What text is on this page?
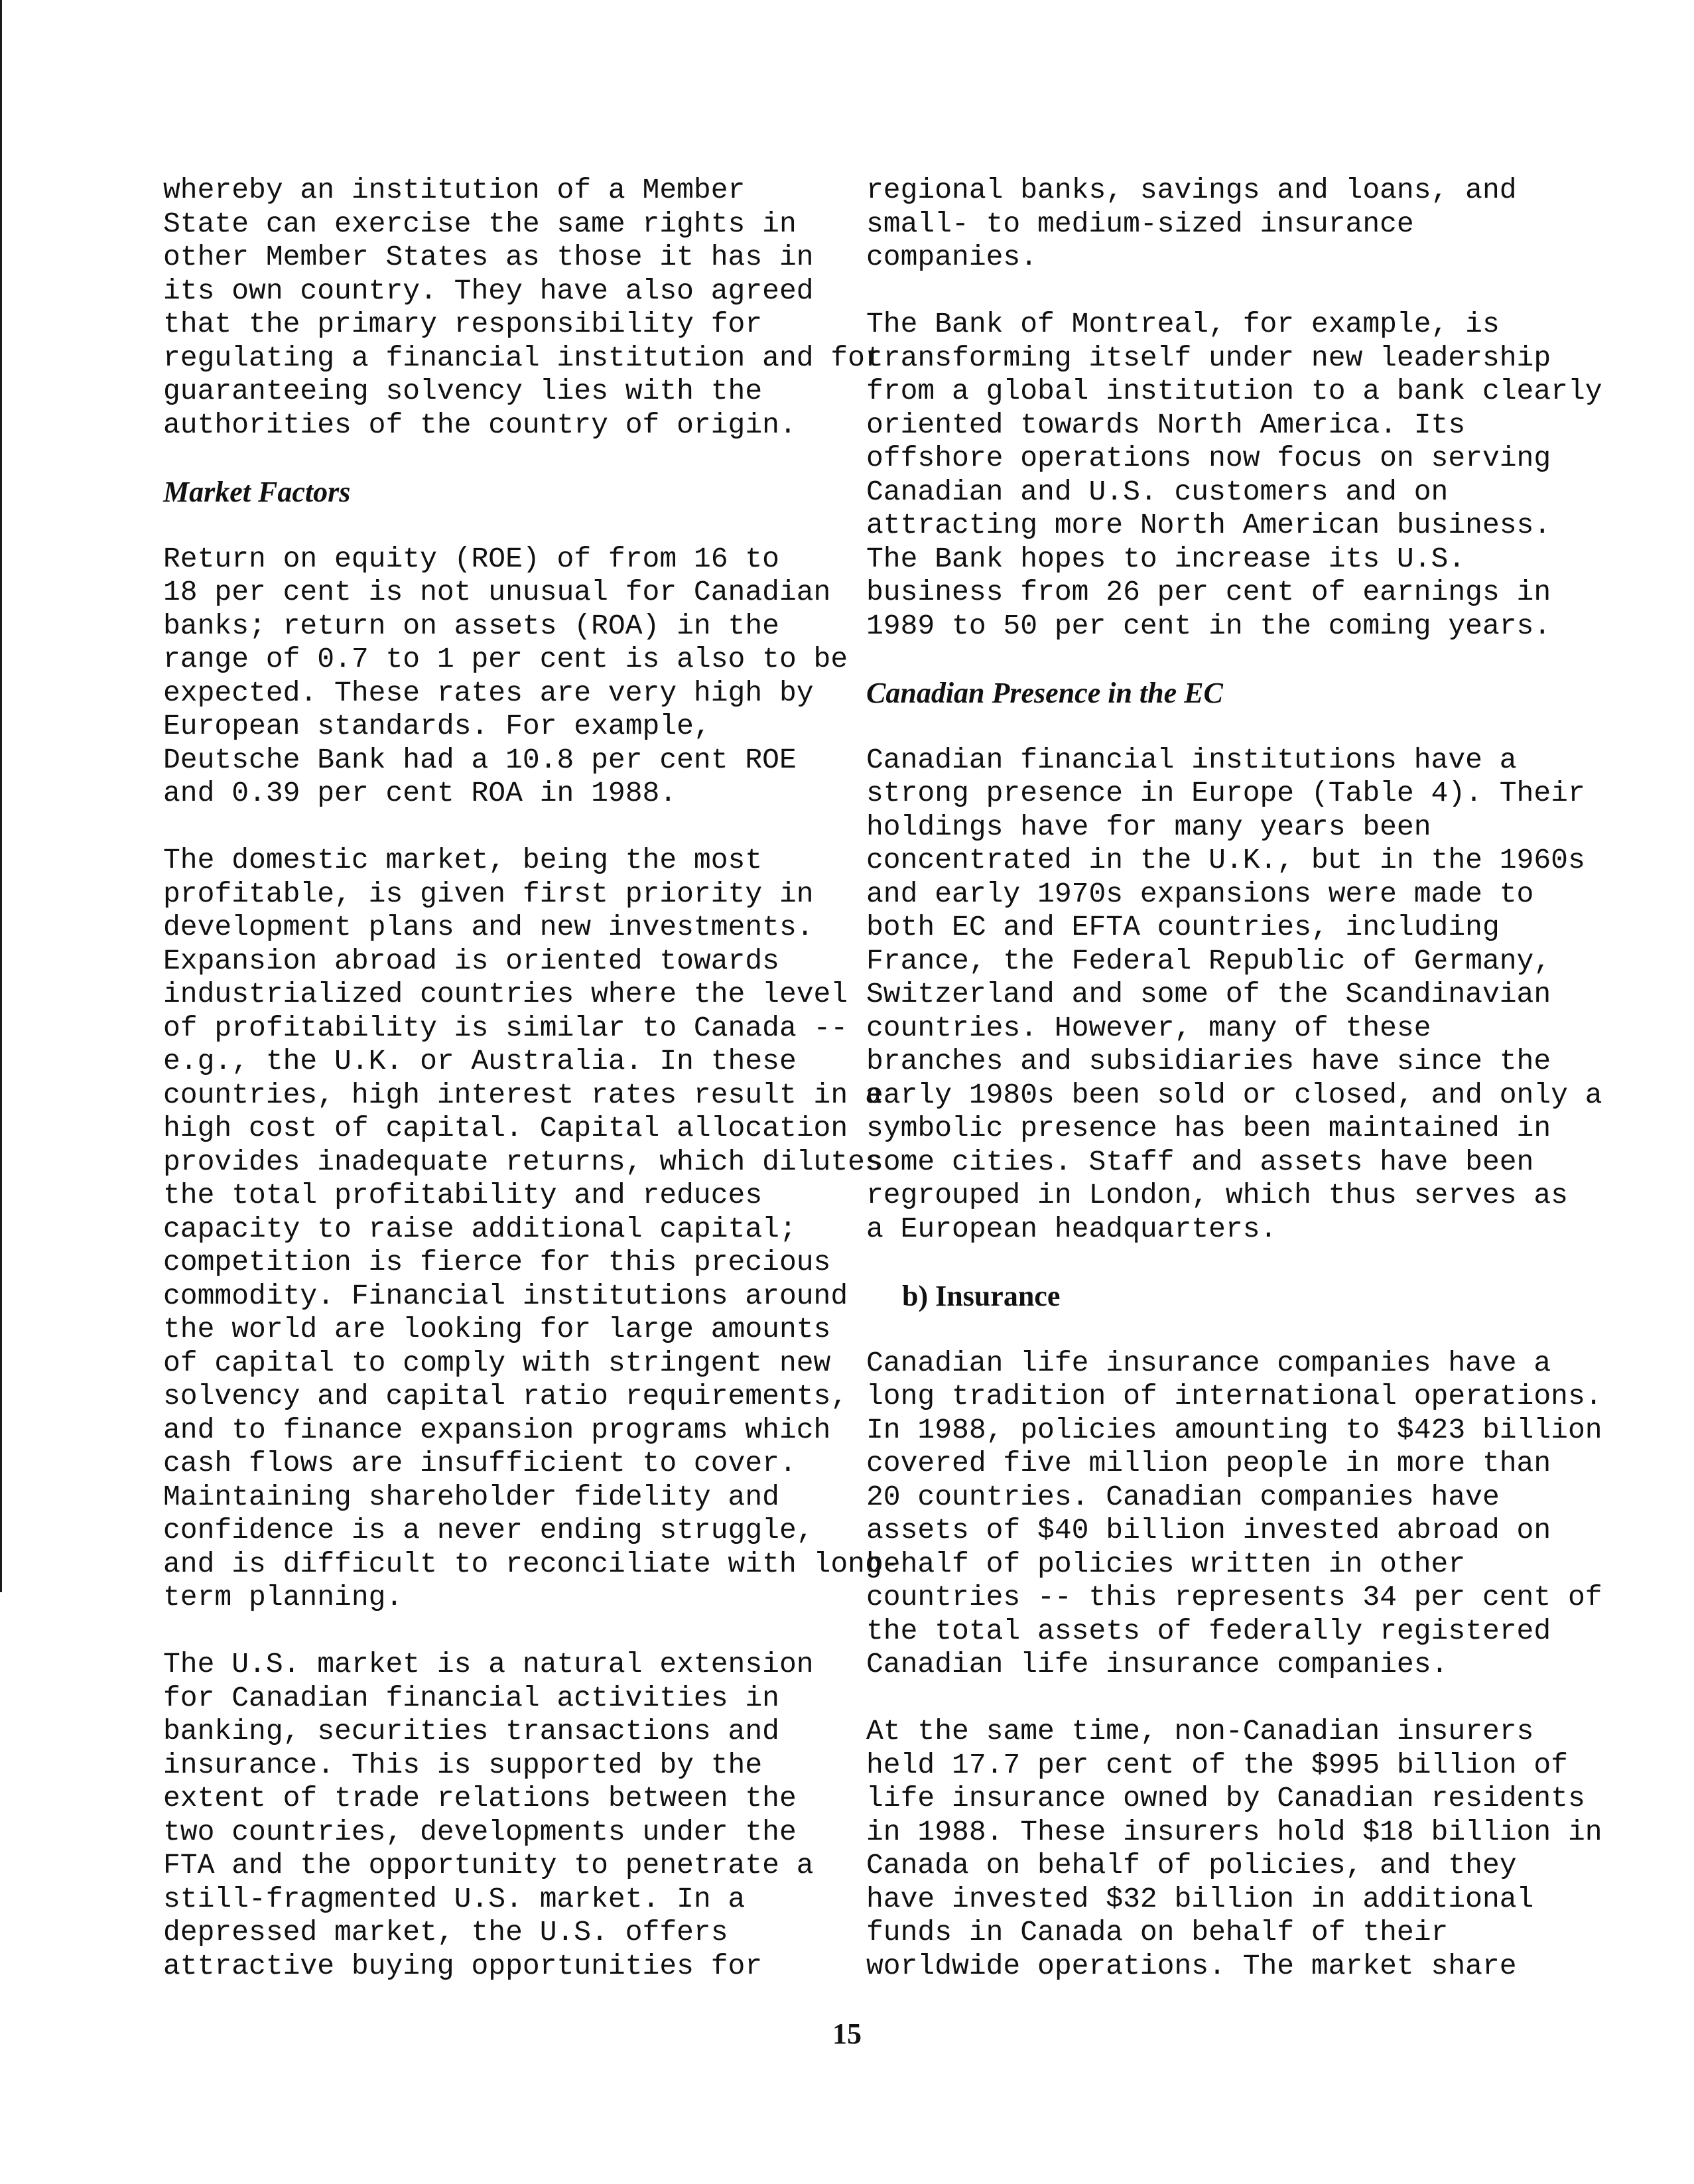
whereby an institution of a Member
State can exercise the same rights in
other Member States as those it has in
its own country. They have also agreed
that the primary responsibility for
regulating a financial institution and for
guaranteeing solvency lies with the
authorities of the country of origin.
Market Factors
Return on equity (ROE) of from 16 to
18 per cent is not unusual for Canadian
banks; return on assets (ROA) in the
range of 0.7 to 1 per cent is also to be
expected. These rates are very high by
European standards. For example,
Deutsche Bank had a 10.8 per cent ROE
and 0.39 per cent ROA in 1988.
The domestic market, being the most
profitable, is given first priority in
development plans and new investments.
Expansion abroad is oriented towards
industrialized countries where the level
of profitability is similar to Canada --
e.g., the U.K. or Australia. In these
countries, high interest rates result in a
high cost of capital. Capital allocation
provides inadequate returns, which dilutes
the total profitability and reduces
capacity to raise additional capital;
competition is fierce for this precious
commodity. Financial institutions around
the world are looking for large amounts
of capital to comply with stringent new
solvency and capital ratio requirements,
and to finance expansion programs which
cash flows are insufficient to cover.
Maintaining shareholder fidelity and
confidence is a never ending struggle,
and is difficult to reconciliate with long-
term planning.
The U.S. market is a natural extension
for Canadian financial activities in
banking, securities transactions and
insurance. This is supported by the
extent of trade relations between the
two countries, developments under the
FTA and the opportunity to penetrate a
still-fragmented U.S. market. In a
depressed market, the U.S. offers
attractive buying opportunities for
regional banks, savings and loans, and
small- to medium-sized insurance
companies.
The Bank of Montreal, for example, is
transforming itself under new leadership
from a global institution to a bank clearly
oriented towards North America. Its
offshore operations now focus on serving
Canadian and U.S. customers and on
attracting more North American business.
The Bank hopes to increase its U.S.
business from 26 per cent of earnings in
1989 to 50 per cent in the coming years.
Canadian Presence in the EC
Canadian financial institutions have a
strong presence in Europe (Table 4). Their
holdings have for many years been
concentrated in the U.K., but in the 1960s
and early 1970s expansions were made to
both EC and EFTA countries, including
France, the Federal Republic of Germany,
Switzerland and some of the Scandinavian
countries. However, many of these
branches and subsidiaries have since the
early 1980s been sold or closed, and only a
symbolic presence has been maintained in
some cities. Staff and assets have been
regrouped in London, which thus serves as
a European headquarters.
b) Insurance
Canadian life insurance companies have a
long tradition of international operations.
In 1988, policies amounting to $423 billion
covered five million people in more than
20 countries. Canadian companies have
assets of $40 billion invested abroad on
behalf of policies written in other
countries -- this represents 34 per cent of
the total assets of federally registered
Canadian life insurance companies.
At the same time, non-Canadian insurers
held 17.7 per cent of the $995 billion of
life insurance owned by Canadian residents
in 1988. These insurers hold $18 billion in
Canada on behalf of policies, and they
have invested $32 billion in additional
funds in Canada on behalf of their
worldwide operations. The market share
15
